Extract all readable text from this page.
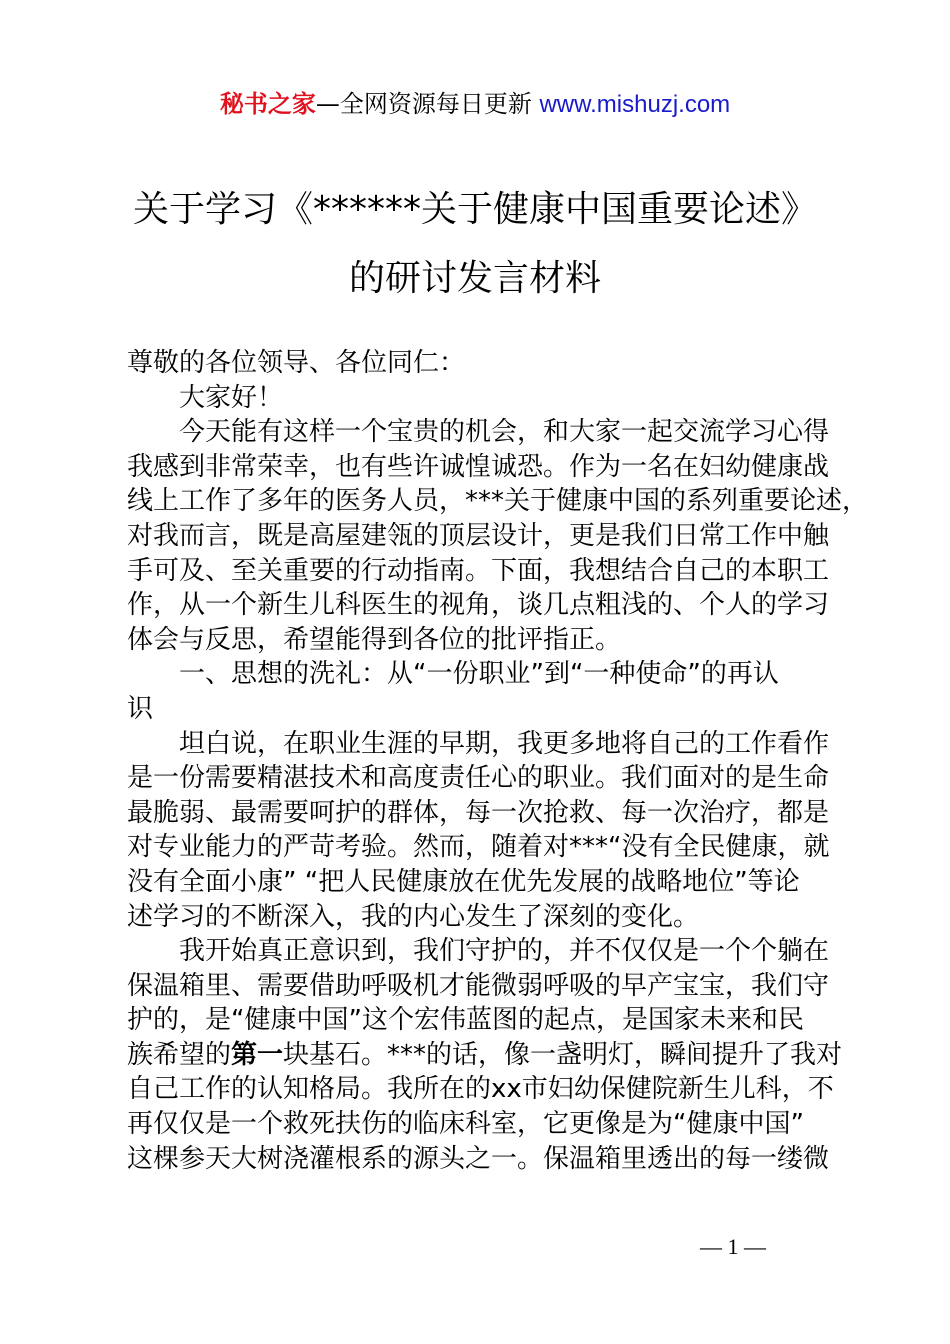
秘书之家—全网资源每日更新 www.mishuzj.com
关于学习《******关于健康中国重要论述》
的研讨发言材料
尊敬的各位领导、各位同仁：
大家好！
今天能有这样一个宝贵的机会，和大家一起交流学习心得
我感到非常荣幸，也有些许诚惶诚恐。作为一名在妇幼健康战
线上工作了多年的医务人员，***关于健康中国的系列重要论述，
对我而言，既是高屋建瓴的顶层设计，更是我们日常工作中触
手可及、至关重要的行动指南。下面，我想结合自己的本职工
作，从一个新生儿科医生的视角，谈几点粗浅的、个人的学习
体会与反思，希望能得到各位的批评指正。
一、思想的洗礼：从“一份职业”到“一种使命”的再认
识
坦白说，在职业生涯的早期，我更多地将自己的工作看作
是一份需要精湛技术和高度责任心的职业。我们面对的是生命
最脆弱、最需要呵护的群体，每一次抢救、每一次治疗，都是
对专业能力的严苛考验。然而，随着对***“没有全民健康，就
没有全面小康” “把人民健康放在优先发展的战略地位”等论
述学习的不断深入，我的内心发生了深刻的变化。
我开始真正意识到，我们守护的，并不仅仅是一个个躺在
保温箱里、需要借助呼吸机才能微弱呼吸的早产宝宝，我们守
护的，是“健康中国”这个宏伟蓝图的起点，是国家未来和民
族希望的第一块基石。***的话，像一盏明灯，瞬间提升了我对
自己工作的认知格局。我所在的xx市妇幼保健院新生儿科，不
再仅仅是一个救死扶伤的临床科室，它更像是为“健康中国”
这棵参天大树浇灌根系的源头之一。保温箱里透出的每一缕微
— 1 —
